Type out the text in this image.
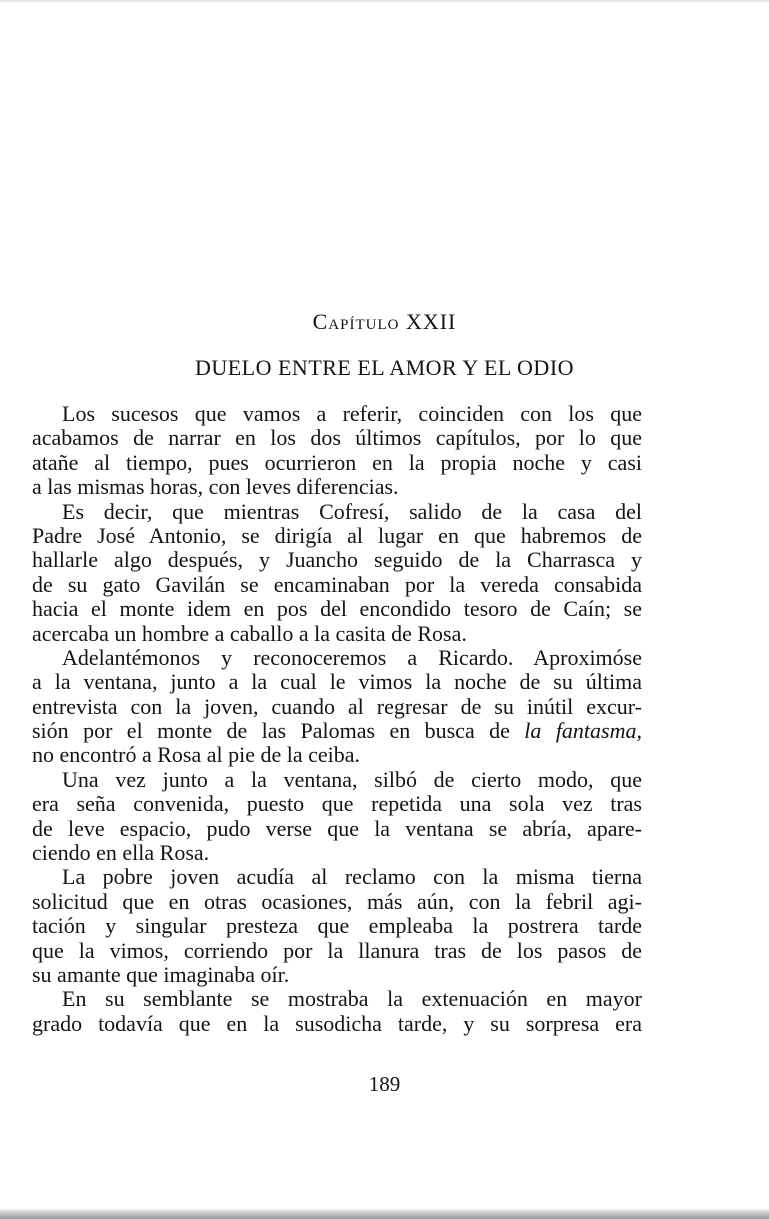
Capítulo XXII
DUELO ENTRE EL AMOR Y EL ODIO
Los sucesos que vamos a referir, coinciden con los que
acabamos de narrar en los dos últimos capítulos, por lo que
atañe al tiempo, pues ocurrieron en la propia noche y casi
a las mismas horas, con leves diferencias.
Es decir, que mientras Cofresí, salido de la casa del
Padre José Antonio, se dirigía al lugar en que habremos de
hallarle algo después, y Juancho seguido de la Charrasca y
de su gato Gavilán se encaminaban por la vereda consabida
hacia el monte idem en pos del encondido tesoro de Caín; se
acercaba un hombre a caballo a la casita de Rosa.
Adelantémonos y reconoceremos a Ricardo. Aproximóse
a la ventana, junto a la cual le vimos la noche de su última
entrevista con la joven, cuando al regresar de su inútil excur-
sión por el monte de las Palomas en busca de la fantasma,
no encontró a Rosa al pie de la ceiba.
Una vez junto a la ventana, silbó de cierto modo, que
era seña convenida, puesto que repetida una sola vez tras
de leve espacio, pudo verse que la ventana se abría, apare-
ciendo en ella Rosa.
La pobre joven acudía al reclamo con la misma tierna
solicitud que en otras ocasiones, más aún, con la febril agi-
tación y singular presteza que empleaba la postrera tarde
que la vimos, corriendo por la llanura tras de los pasos de
su amante que imaginaba oír.
En su semblante se mostraba la extenuación en mayor
grado todavía que en la susodicha tarde, y su sorpresa era
189
